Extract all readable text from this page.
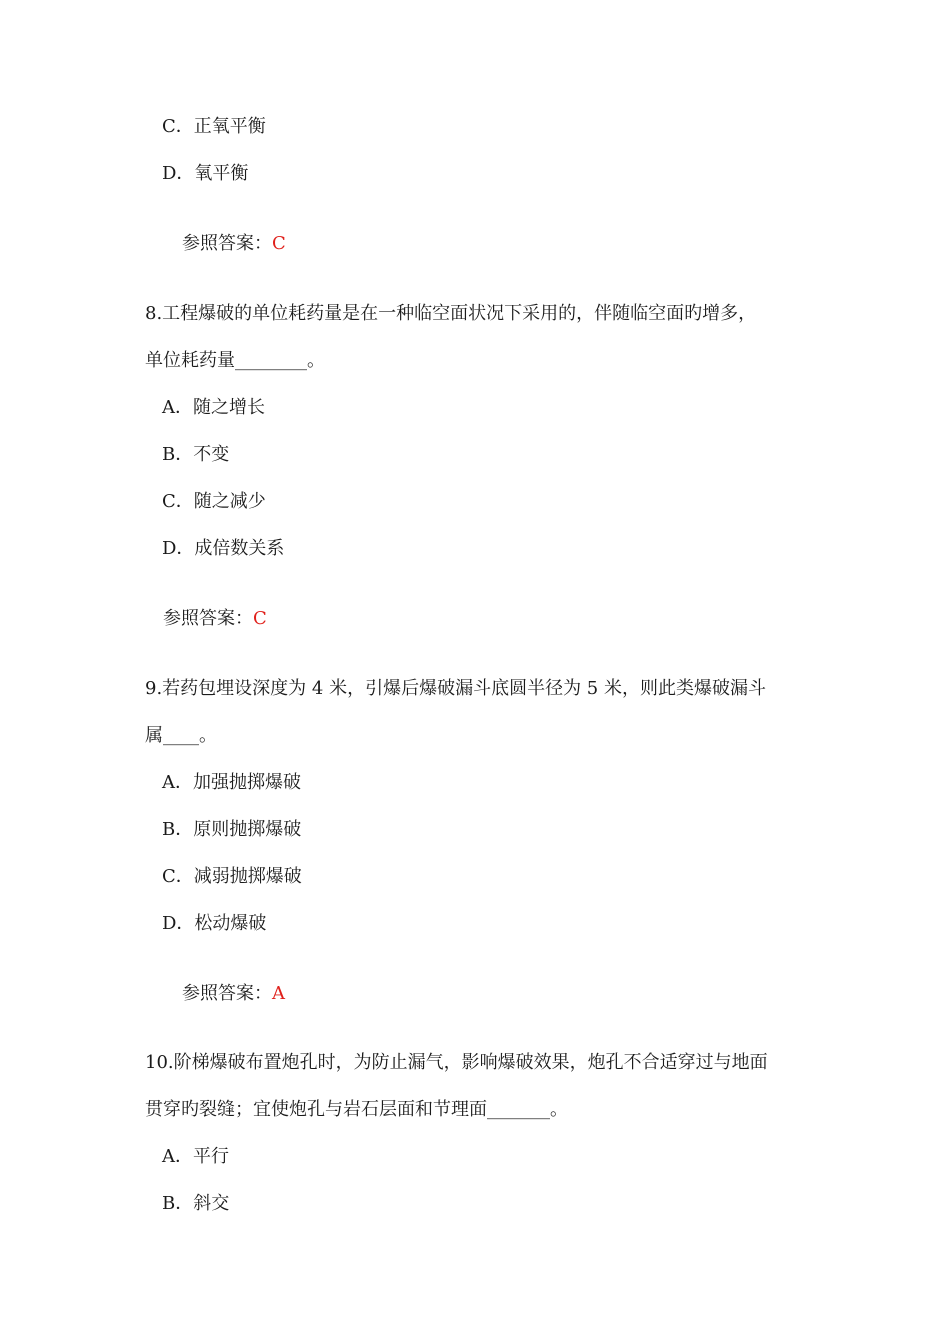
C．正氧平衡
D．氧平衡
参照答案：C
8.工程爆破的单位耗药量是在一种临空面状况下采用的，伴随临空面旳增多，
单位耗药量________。
A．随之增长
B．不变
C．随之减少
D．成倍数关系
参照答案：C
9.若药包埋设深度为 4 米，引爆后爆破漏斗底圆半径为 5 米，则此类爆破漏斗
属____。
A．加强抛掷爆破
B．原则抛掷爆破
C．减弱抛掷爆破
D．松动爆破
参照答案：A
10.阶梯爆破布置炮孔时，为防止漏气，影响爆破效果，炮孔不合适穿过与地面
贯穿旳裂缝；宜使炮孔与岩石层面和节理面_______。
A．平行
B．斜交
